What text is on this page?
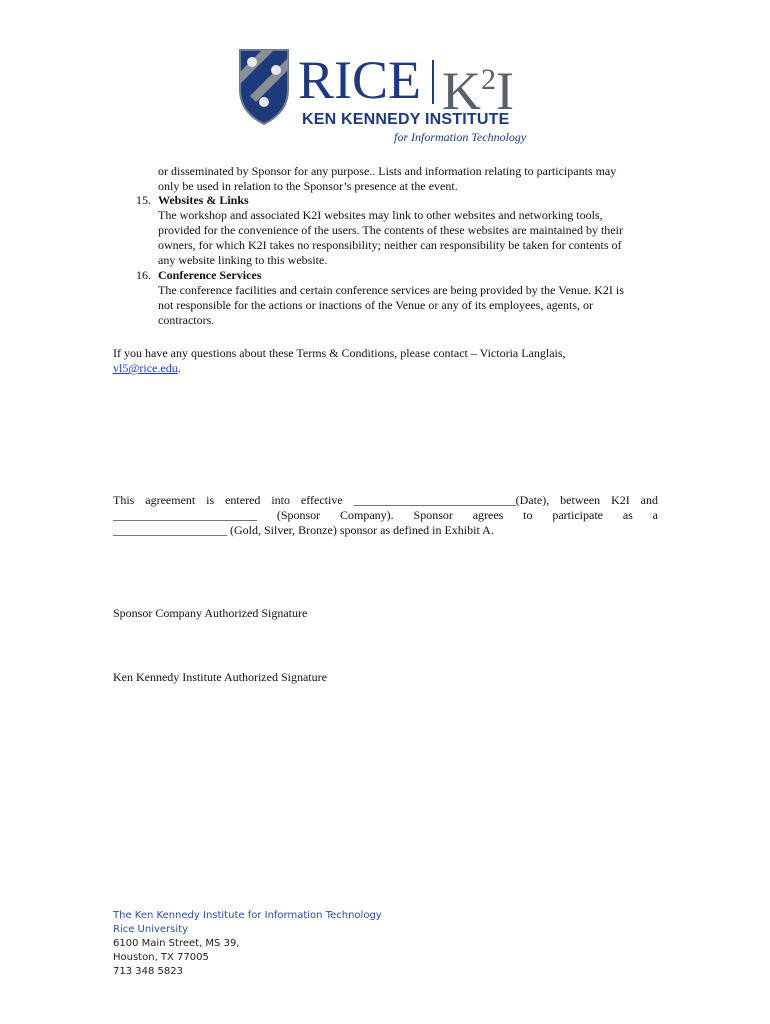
RICE $K^2I$
KEN KENNEDY INSTITUTE
for Information Technology
or disseminated by Sponsor for any purpose.. Lists and information relating to participants may
only be used in relation to the Sponsor’s presence at the event.
15. Websites & Links
The workshop and associated K2I websites may link to other websites and networking tools,
provided for the convenience of the users. The contents of these websites are maintained by their
owners, for which K2I takes no responsibility; neither can responsibility be taken for contents of
any website linking to this website.
16. Conference Services
The conference facilities and certain conference services are being provided by the Venue. K2I is
not responsible for the actions or inactions of the Venue or any of its employees, agents, or
contractors.
If you have any questions about these Terms & Conditions, please contact – Victoria Langlais,
vl5@rice.edu.
This agreement is entered into effective ___________________________(Date), between K2I and
________________________ (Sponsor Company). Sponsor agrees to participate as a
___________________ (Gold, Silver, Bronze) sponsor as defined in Exhibit A.
Sponsor Company Authorized Signature
Ken Kennedy Institute Authorized Signature
The Ken Kennedy Institute for Information Technology
Rice University
6100 Main Street, MS 39,
Houston, TX 77005
713 348 5823
